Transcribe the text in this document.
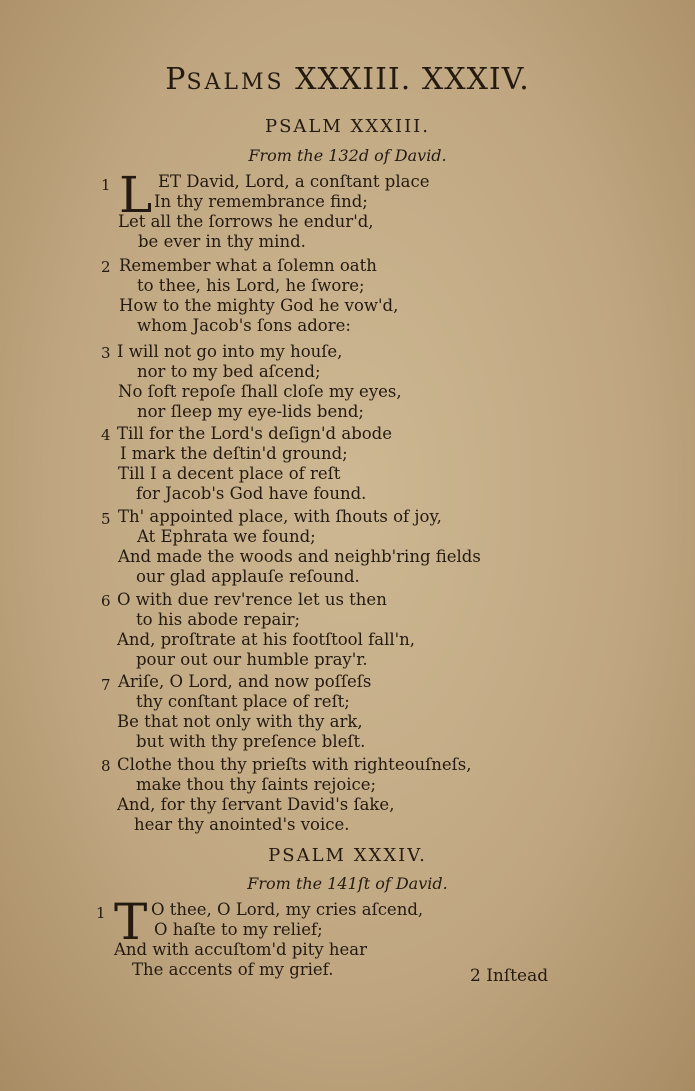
PSALMS XXXIII. XXXIV.
PSALM XXXIII.
From the 132d of David.
1 L ET David, Lord, a conſtant place
In thy remembrance find;
Let all the ſorrows he endur'd,
be ever in thy mind.
2 Remember what a ſolemn oath
to thee, his Lord, he ſwore;
How to the mighty God he vow'd,
whom Jacob's ſons adore:
3 I will not go into my houſe,
nor to my bed aſcend;
No ſoft repoſe ſhall cloſe my eyes,
nor ſleep my eye-lids bend;
4 Till for the Lord's deſign'd abode
I mark the deſtin'd ground;
Till I a decent place of reſt
for Jacob's God have found.
5 Th' appointed place, with ſhouts of joy,
At Ephrata we found;
And made the woods and neighb'ring fields
our glad applauſe reſound.
6 O with due rev'rence let us then
to his abode repair;
And, proſtrate at his footſtool fall'n,
pour out our humble pray'r.
7 Ariſe, O Lord, and now poſſeſs
thy conſtant place of reſt;
Be that not only with thy ark,
but with thy preſence bleſt.
8 Clothe thou thy prieſts with righteouſneſs,
make thou thy ſaints rejoice;
And, for thy ſervant David's ſake,
hear thy anointed's voice.
PSALM XXXIV.
From the 141ſt of David.
1 T O thee, O Lord, my cries aſcend,
O haſte to my relief;
And with accuſtom'd pity hear
The accents of my grief.	2 Inſtead
